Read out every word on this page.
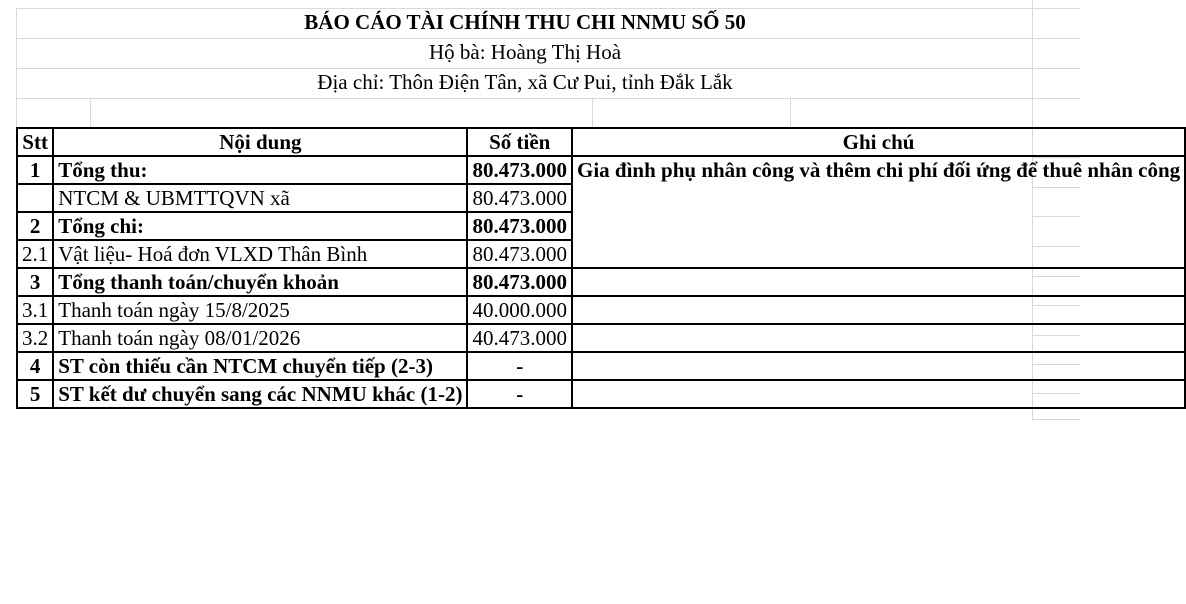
BÁO CÁO TÀI CHÍNH THU CHI NNMU SỐ 50
Hộ bà: Hoàng Thị Hoà
Địa chỉ: Thôn Điện Tân, xã Cư Pui, tỉnh Đắk Lắk
Stt	Nội dung	Số tiền	Ghi chú
1	Tổng thu:	80.473.000	Gia đình phụ nhân công và thêm chi phí đối ứng để thuê nhân công
	NTCM & UBMTTQVN xã	80.473.000	
2	Tổng chi:	80.473.000	
2.1	Vật liệu- Hoá đơn VLXD Thân Bình	80.473.000	
3	Tổng thanh toán/chuyển khoản	80.473.000	
3.1	Thanh toán ngày 15/8/2025	40.000.000	
3.2	Thanh toán ngày 08/01/2026	40.473.000	
4	ST còn thiếu cần NTCM chuyển tiếp (2-3)	-	
5	ST kết dư chuyển sang các NNMU khác (1-2)	-	
